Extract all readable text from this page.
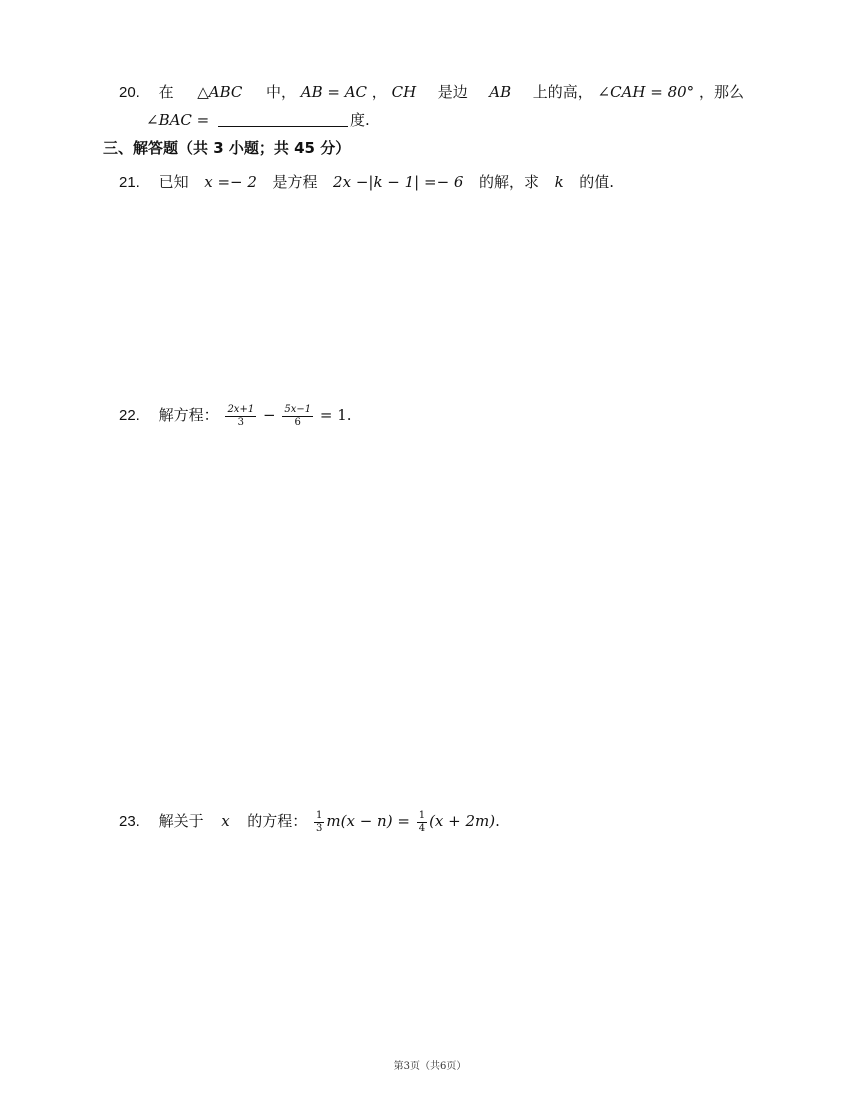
20. 在 △ABC 中， AB = AC ， CH 是边 AB 上的高， ∠CAH = 80° ，那么
∠BAC =	度.
三、解答题（共 3 小题；共 45 分）
21. 已知 x =− 2 是方程 2x −|k − 1| =− 6 的解，求 k 的值.
22. 解方程： $\frac{2x+1}{3} - \frac{5x-1}{6} = 1$.
23. 解关于 x 的方程： $\frac{1}{3} m(x - n) = \frac{1}{4} (x + 2m)$.
第3页（共6页）
